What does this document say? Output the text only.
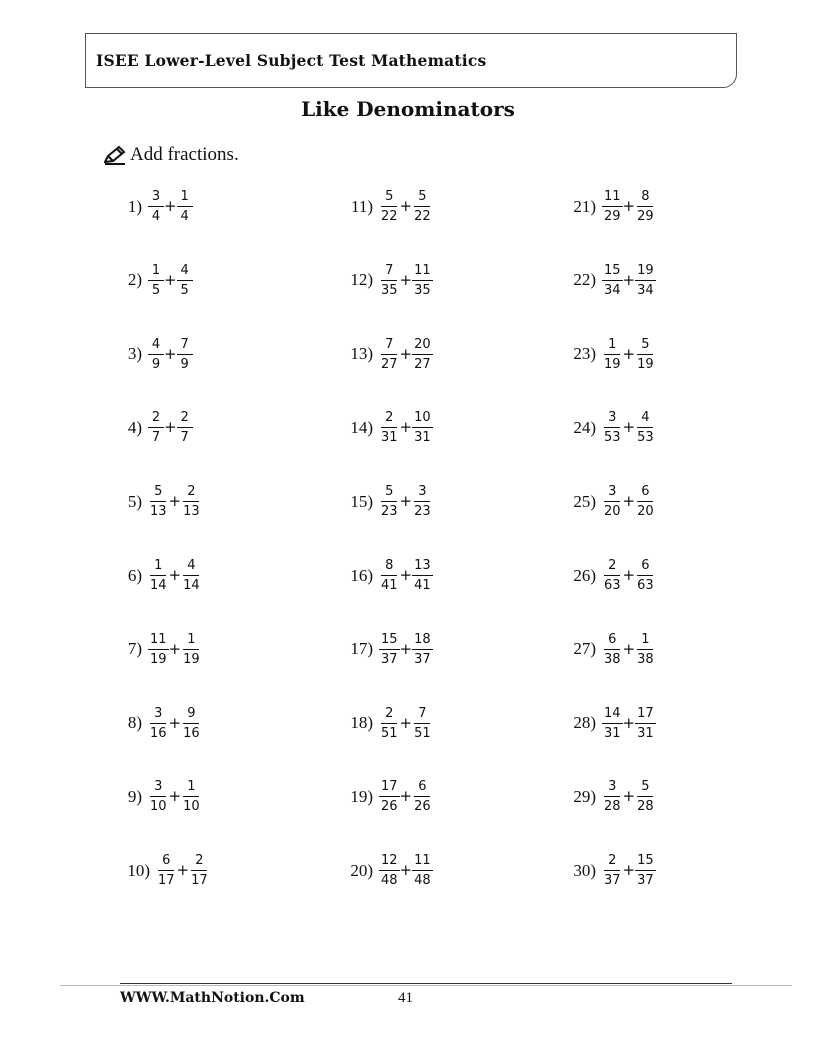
ISEE Lower-Level Subject Test Mathematics
Like Denominators
Add fractions.
$1) \frac{3}{4} + \frac{1}{4}$
$2) \frac{1}{5} + \frac{4}{5}$
$3) \frac{4}{9} + \frac{7}{9}$
$4) \frac{2}{7} + \frac{2}{7}$
$5) \frac{5}{13} + \frac{2}{13}$
$6) \frac{1}{14} + \frac{4}{14}$
$7) \frac{11}{19} + \frac{1}{19}$
$8) \frac{3}{16} + \frac{9}{16}$
$9) \frac{3}{10} + \frac{1}{10}$
$10) \frac{6}{17} + \frac{2}{17}$
$11) \frac{5}{22} + \frac{5}{22}$
$12) \frac{7}{35} + \frac{11}{35}$
$13) \frac{7}{27} + \frac{20}{27}$
$14) \frac{2}{31} + \frac{10}{31}$
$15) \frac{5}{23} + \frac{3}{23}$
$16) \frac{8}{41} + \frac{13}{41}$
$17) \frac{15}{37} + \frac{18}{37}$
$18) \frac{2}{51} + \frac{7}{51}$
$19) \frac{17}{26} + \frac{6}{26}$
$20) \frac{12}{48} + \frac{11}{48}$
$21) \frac{11}{29} + \frac{8}{29}$
$22) \frac{15}{34} + \frac{19}{34}$
$23) \frac{1}{19} + \frac{5}{19}$
$24) \frac{3}{53} + \frac{4}{53}$
$25) \frac{3}{20} + \frac{6}{20}$
$26) \frac{2}{63} + \frac{6}{63}$
$27) \frac{6}{38} + \frac{1}{38}$
$28) \frac{14}{31} + \frac{17}{31}$
$29) \frac{3}{28} + \frac{5}{28}$
$30) \frac{2}{37} + \frac{15}{37}$
WWW.MathNotion.Com	41
